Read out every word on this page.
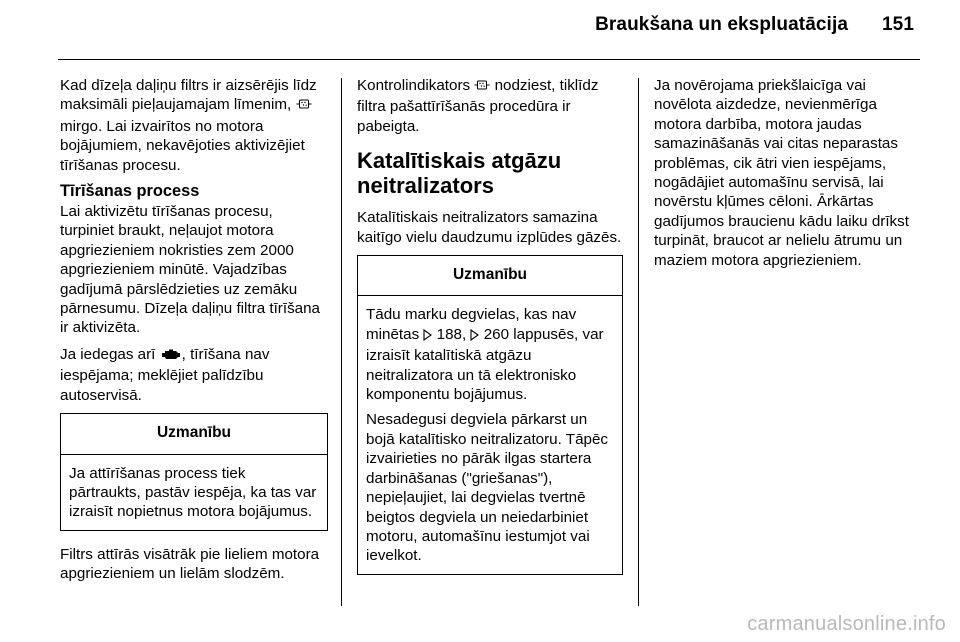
Braukšana un ekspluatācija 151

Kad dīzeļa daļiņu filtrs ir aizsērējis līdz maksimāli pieļaujamajam līmenim,  mirgo. Lai izvairītos no motora bojājumiem, nekavējoties aktivizējiet tīrīšanas procesu.

Tīrīšanas process

Lai aktivizētu tīrīšanas procesu, turpiniet braukt, neļaujot motora apgriezieniem nokristies zem 2000 apgriezieniem minūtē. Vajadzības gadījumā pārslēdzieties uz zemāku pārnesumu. Dīzeļa daļiņu filtra tīrīšana ir aktivizēta.

Ja iedegas arī , tīrīšana nav iespējama; meklējiet palīdzību autoservisā.

Uzmanību

Ja attīrīšanas process tiek pārtraukts, pastāv iespēja, ka tas var izraisīt nopietnus motora bojājumus.

Filtrs attīrās visātrāk pie lieliem motora apgriezieniem un lielām slodzēm.

Kontrolindikators nodziest, tiklīdz filtra pašattīrīšanās procedūra ir pabeigta.

Katalītiskais atgāzu neitralizators

Katalītiskais neitralizators samazina kaitīgo vielu daudzumu izplūdes gāzēs.

Uzmanību

Tādu marku degvielas, kas nav minētas 188, 260 lappusēs, var izraisīt katalītiskā atgāzu neitralizatora un tā elektronisko komponentu bojājumus.

Nesadegusi degviela pārkarst un bojā katalītisko neitralizatoru. Tāpēc izvairieties no pārāk ilgas startera darbināšanas ("griešanas"), nepieļaujiet, lai degvielas tvertnē beigtos degviela un neiedarbiniet motoru, automašīnu iestumjot vai ievelkot.

Ja novērojama priekšlaicīga vai novēlota aizdedze, nevienmērīga motora darbība, motora jaudas samazināšanās vai citas neparastas problēmas, cik ātri vien iespējams, nogādājiet automašīnu servisā, lai novērstu kļūmes cēloni. Ārkārtas gadījumos braucienu kādu laiku drīkst turpināt, braucot ar nelielu ātrumu un maziem motora apgriezieniem.

carmanualsonline.info
